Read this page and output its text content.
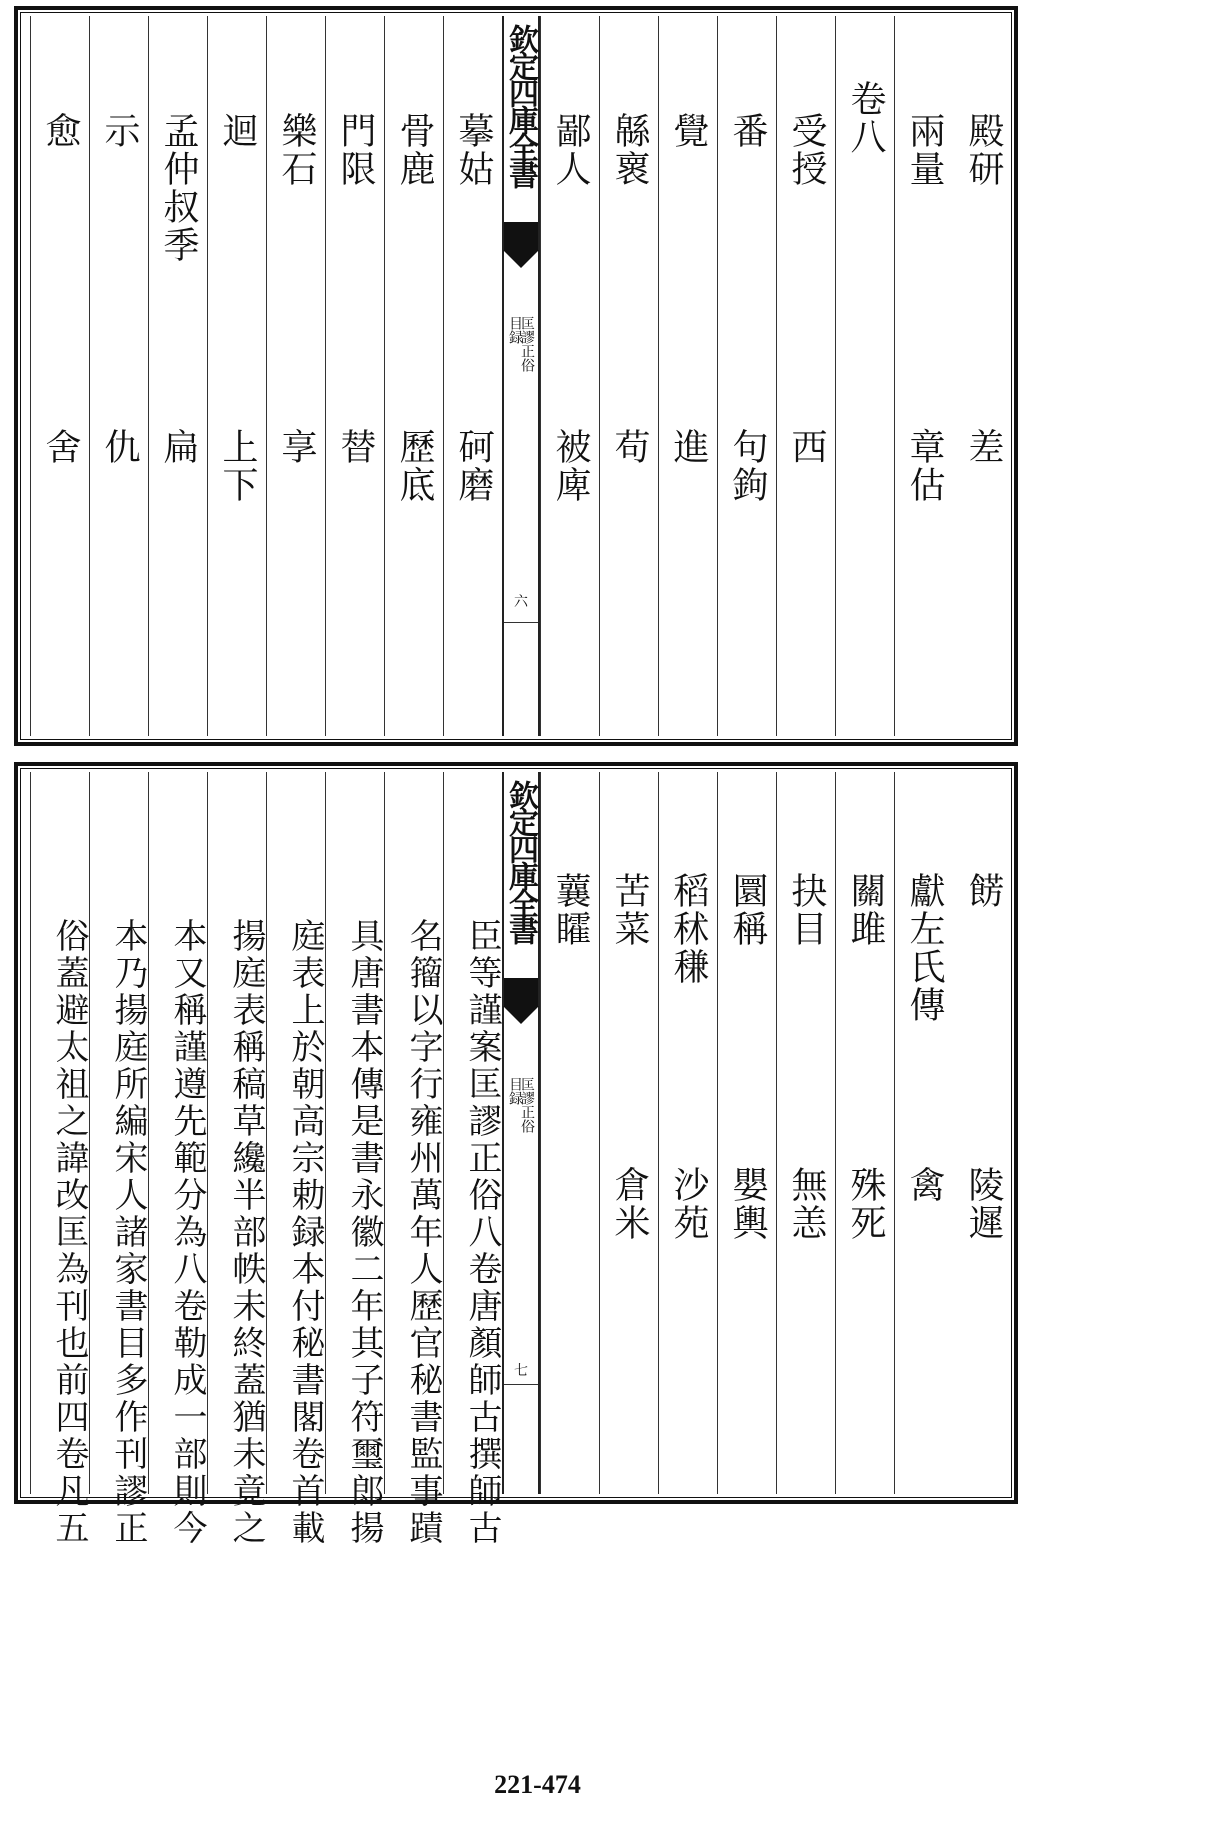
殿研
差
兩量
章估
卷八
受授
西
番
句鉤
覺
進
緜褱
苟
鄙人
被庳
欽定四庫全書
匡謬正俗
目録
六
摹姑
砢磨
骨鹿
歷底
門限
替
樂石
享
迴
上下
孟仲叔季
扁
示
仇
愈
舍
餝
陵遲
獻左氏傳
禽
關雎
殊死
抉目
無恙
圜稱
嬰輿
稻秫稴
沙苑
苦菜
倉米
蘘矐
欽定四庫全書
匡謬正俗
目録
七
臣等謹案匡謬正俗八卷唐顏師古撰師古
名籀以字行雍州萬年人歷官秘書監事蹟
具唐書本傳是書永徽二年其子符璽郎揚
庭表上於朝高宗勅録本付秘書閣卷首載
揚庭表稱稿草纔半部帙未終蓋猶未竟之
本又稱謹遵先範分為八卷勒成一部則今
本乃揚庭所編宋人諸家書目多作刊謬正
俗蓋避太祖之諱改匡為刊也前四卷凡五
221-474
